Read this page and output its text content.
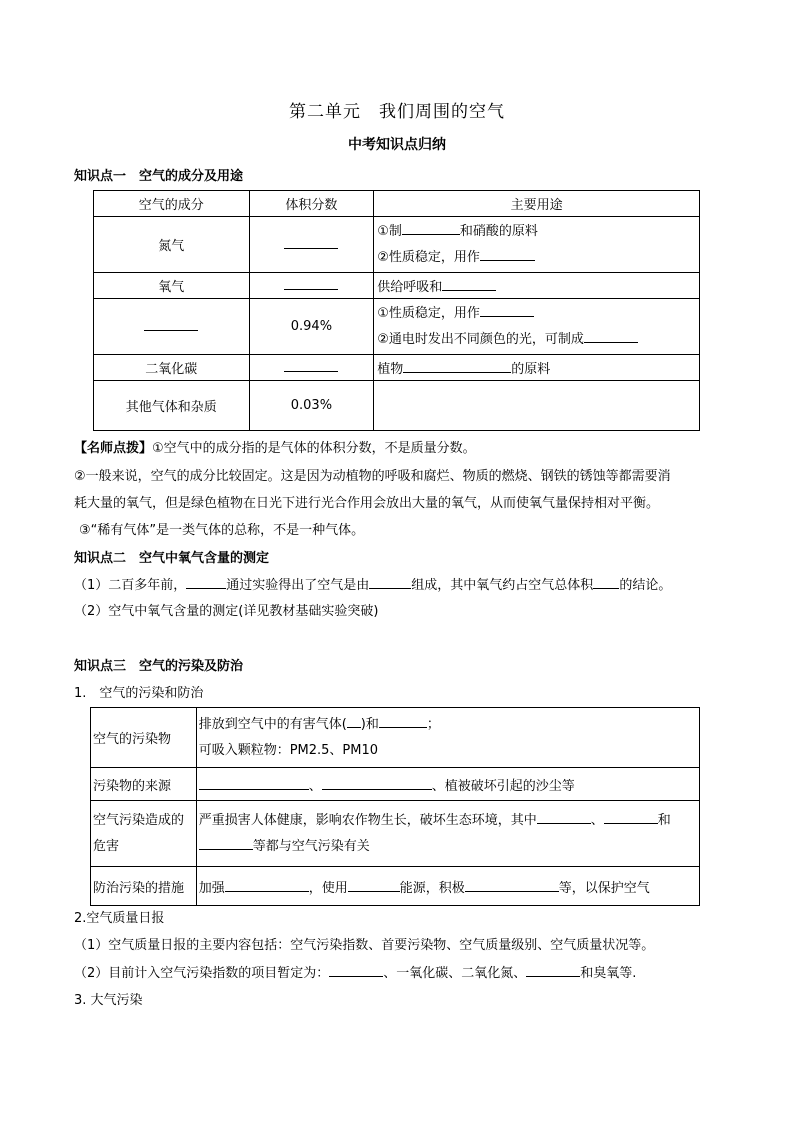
第二单元　我们周围的空气
中考知识点归纳
知识点一　空气的成分及用途
空气的成分	体积分数	主要用途
氮气		①制 和硝酸的原料
②性质稳定，用作

氧气		供给呼吸和
	0.94%	①性质稳定，用作
②通电时发出不同颜色的光，可制成

二氧化碳		植物 的原料
其他气体和杂质	0.03%	
【名师点拨】①空气中的成分指的是气体的体积分数，不是质量分数。
②一般来说，空气的成分比较固定。这是因为动植物的呼吸和腐烂、物质的燃烧、钢铁的锈蚀等都需要消
耗大量的氧气，但是绿色植物在日光下进行光合作用会放出大量的氧气，从而使氧气量保持相对平衡。
③“稀有气体”是一类气体的总称，不是一种气体。
知识点二　空气中氧气含量的测定
（1）二百多年前，	通过实验得出了空气是由	组成，其中氧气约占空气总体积 的结论。
（2）空气中氧气含量的测定(详见教材基础实验突破)
知识点三　空气的污染及防治
1.　空气的污染和防治
空气的污染物	排放到空气中的有害气体( )和 ；
可吸入颗粒物：PM2.5、PM10

污染物的来源	、 、植被破坏引起的沙尘等

空气污染造成的
危害	严重损害人体健康，影响农作物生长，破坏生态环境，其中 、 和
等都与空气污染有关

防治污染的措施	加强 ，使用 能源，积极 等，以保护空气
2.空气质量日报
（1）空气质量日报的主要内容包括：空气污染指数、首要污染物、空气质量级别、空气质量状况等。
（2）目前计入空气污染指数的项目暂定为：	、一氧化碳、二氧化氮、	和臭氧等.
3. 大气污染
